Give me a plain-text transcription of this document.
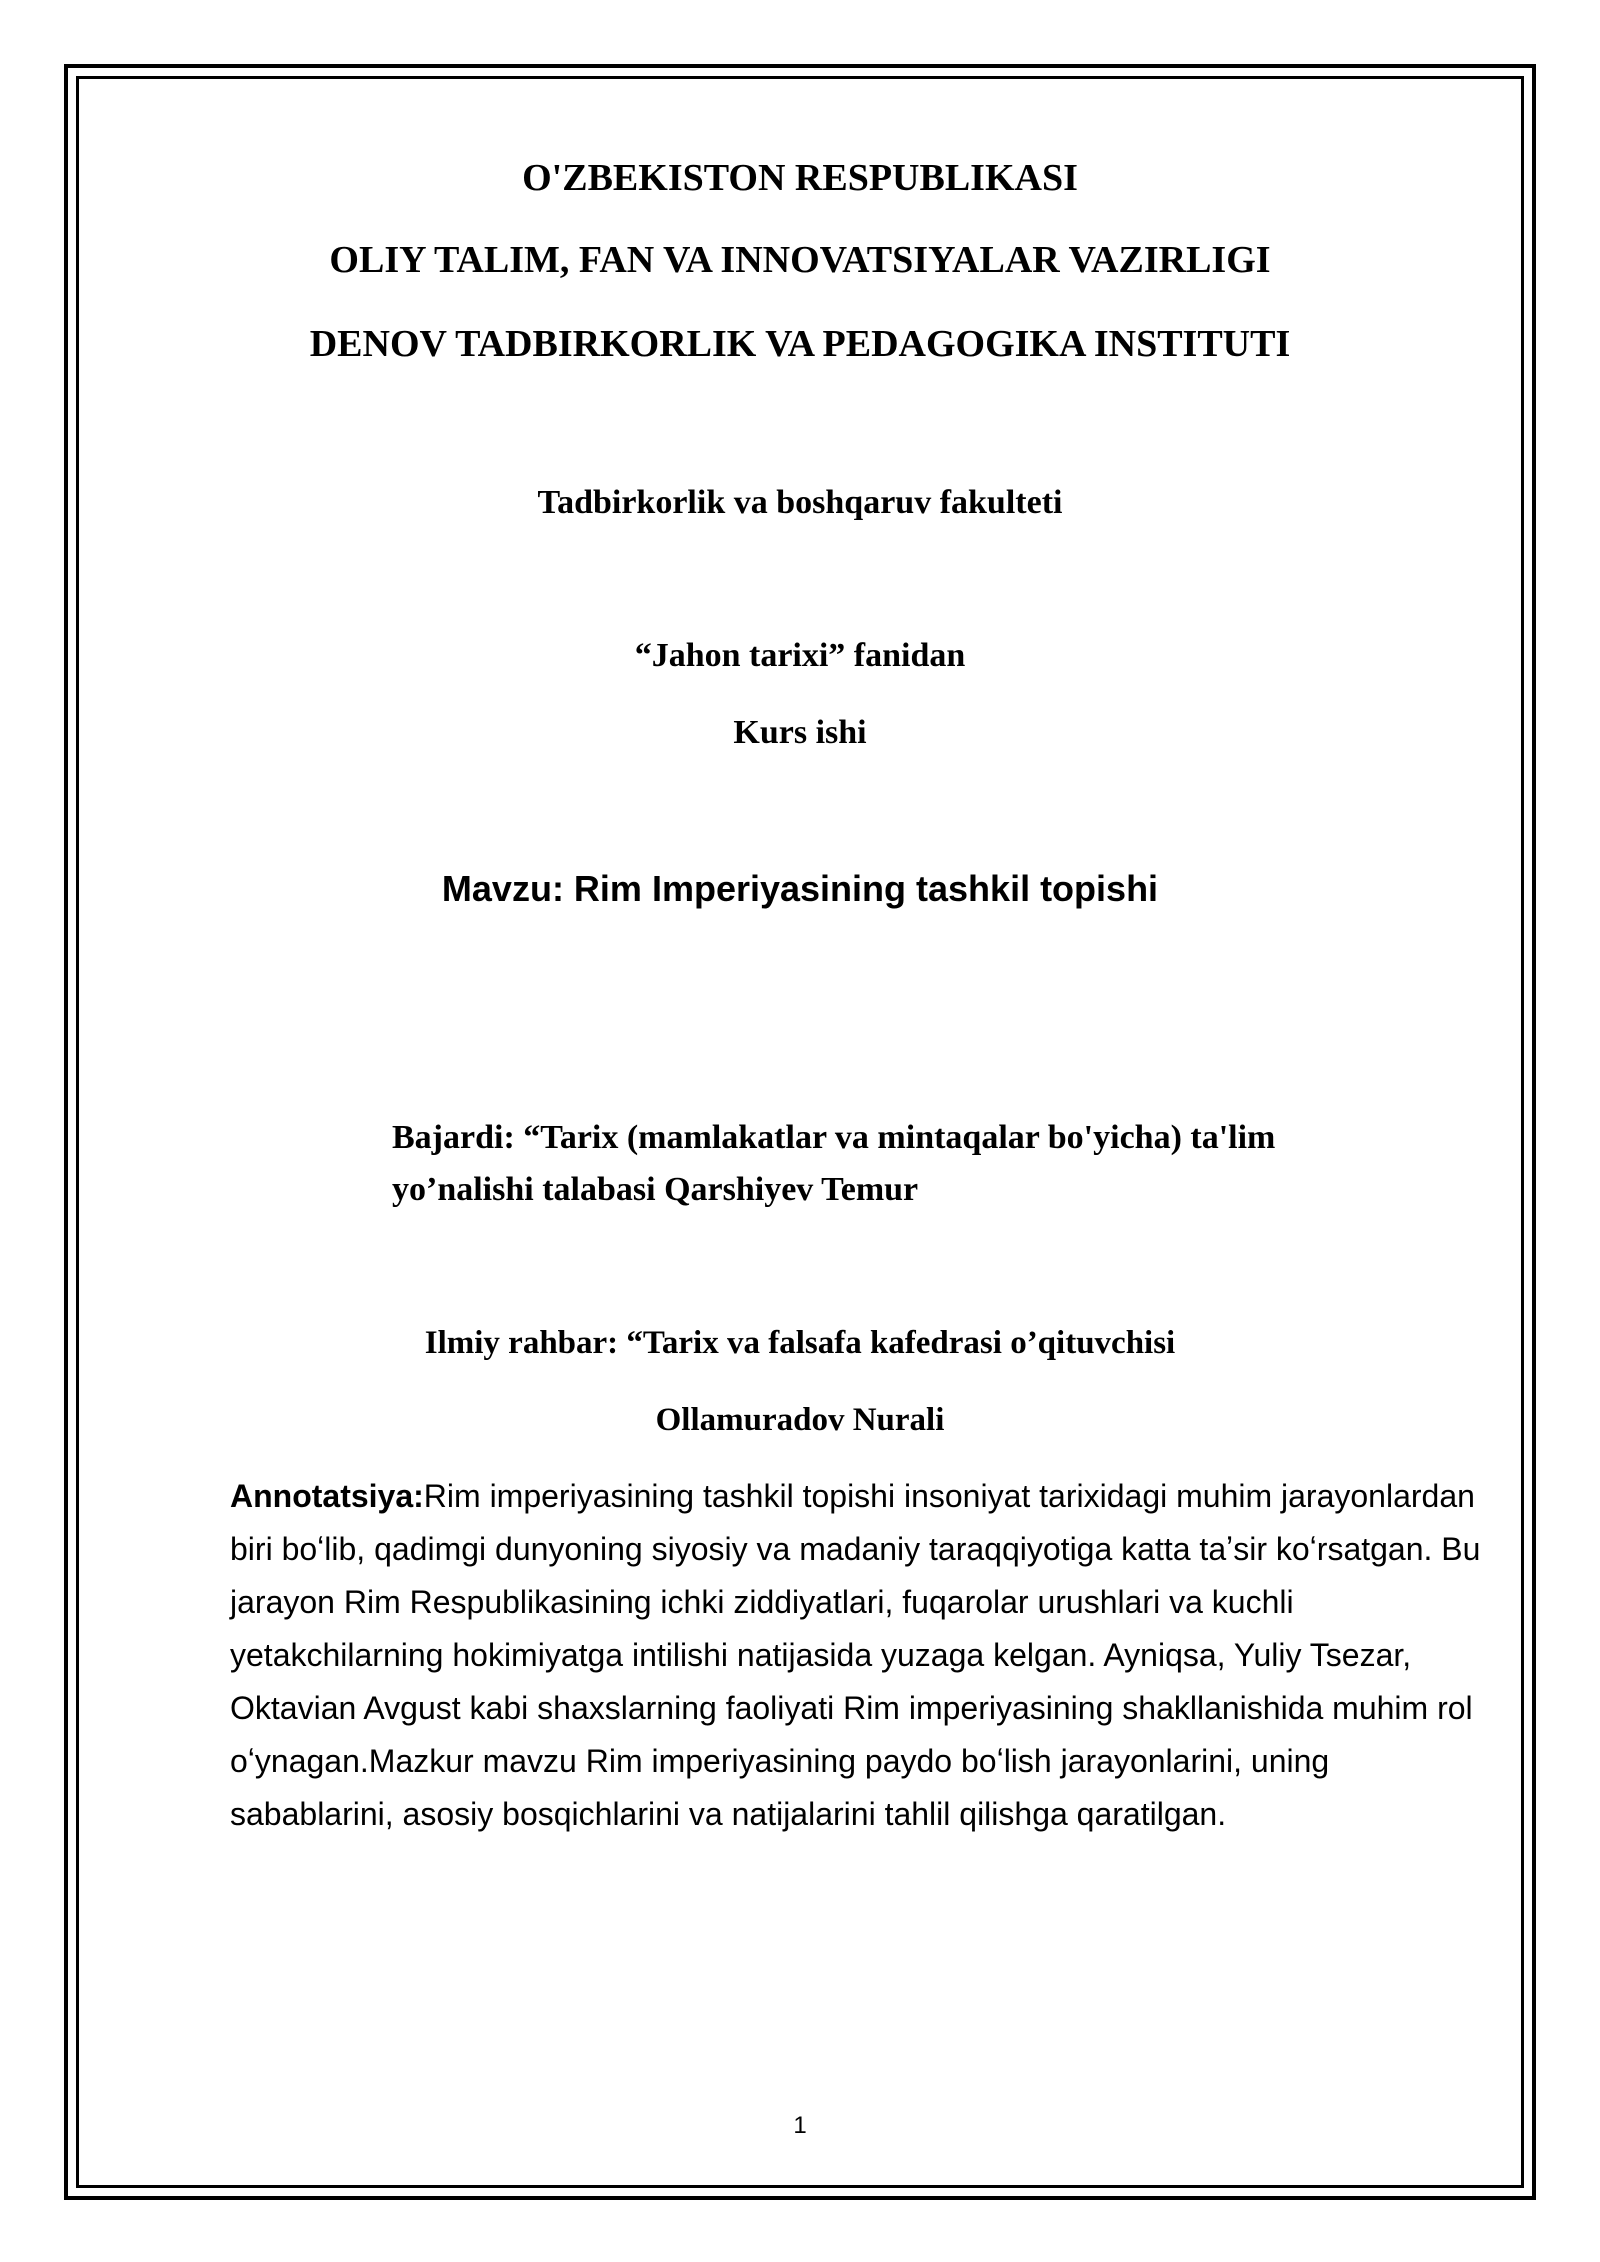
O'ZBEKISTON RESPUBLIKASI
OLIY TALIM, FAN VA INNOVATSIYALAR VAZIRLIGI
DENOV TADBIRKORLIK VA PEDAGOGIKA INSTITUTI
Tadbirkorlik va boshqaruv fakulteti
“Jahon tarixi” fanidan
Kurs ishi
Mavzu: Rim Imperiyasining tashkil topishi
Bajardi: “Tarix (mamlakatlar va mintaqalar bo'yicha) ta'lim
yo’nalishi talabasi Qarshiyev Temur
Ilmiy rahbar: “Tarix va falsafa kafedrasi o’qituvchisi
Ollamuradov Nurali
Annotatsiya:Rim imperiyasining tashkil topishi insoniyat tarixidagi muhim jarayonlardan biri boʻlib, qadimgi dunyoning siyosiy va madaniy taraqqiyotiga katta taʼsir koʻrsatgan. Bu jarayon Rim Respublikasining ichki ziddiyatlari, fuqarolar urushlari va kuchli yetakchilarning hokimiyatga intilishi natijasida yuzaga kelgan. Ayniqsa, Yuliy Tsezar, Oktavian Avgust kabi shaxslarning faoliyati Rim imperiyasining shakllanishida muhim rol oʻynagan.Mazkur mavzu Rim imperiyasining paydo boʻlish jarayonlarini, uning sabablarini, asosiy bosqichlarini va natijalarini tahlil qilishga qaratilgan.
1
